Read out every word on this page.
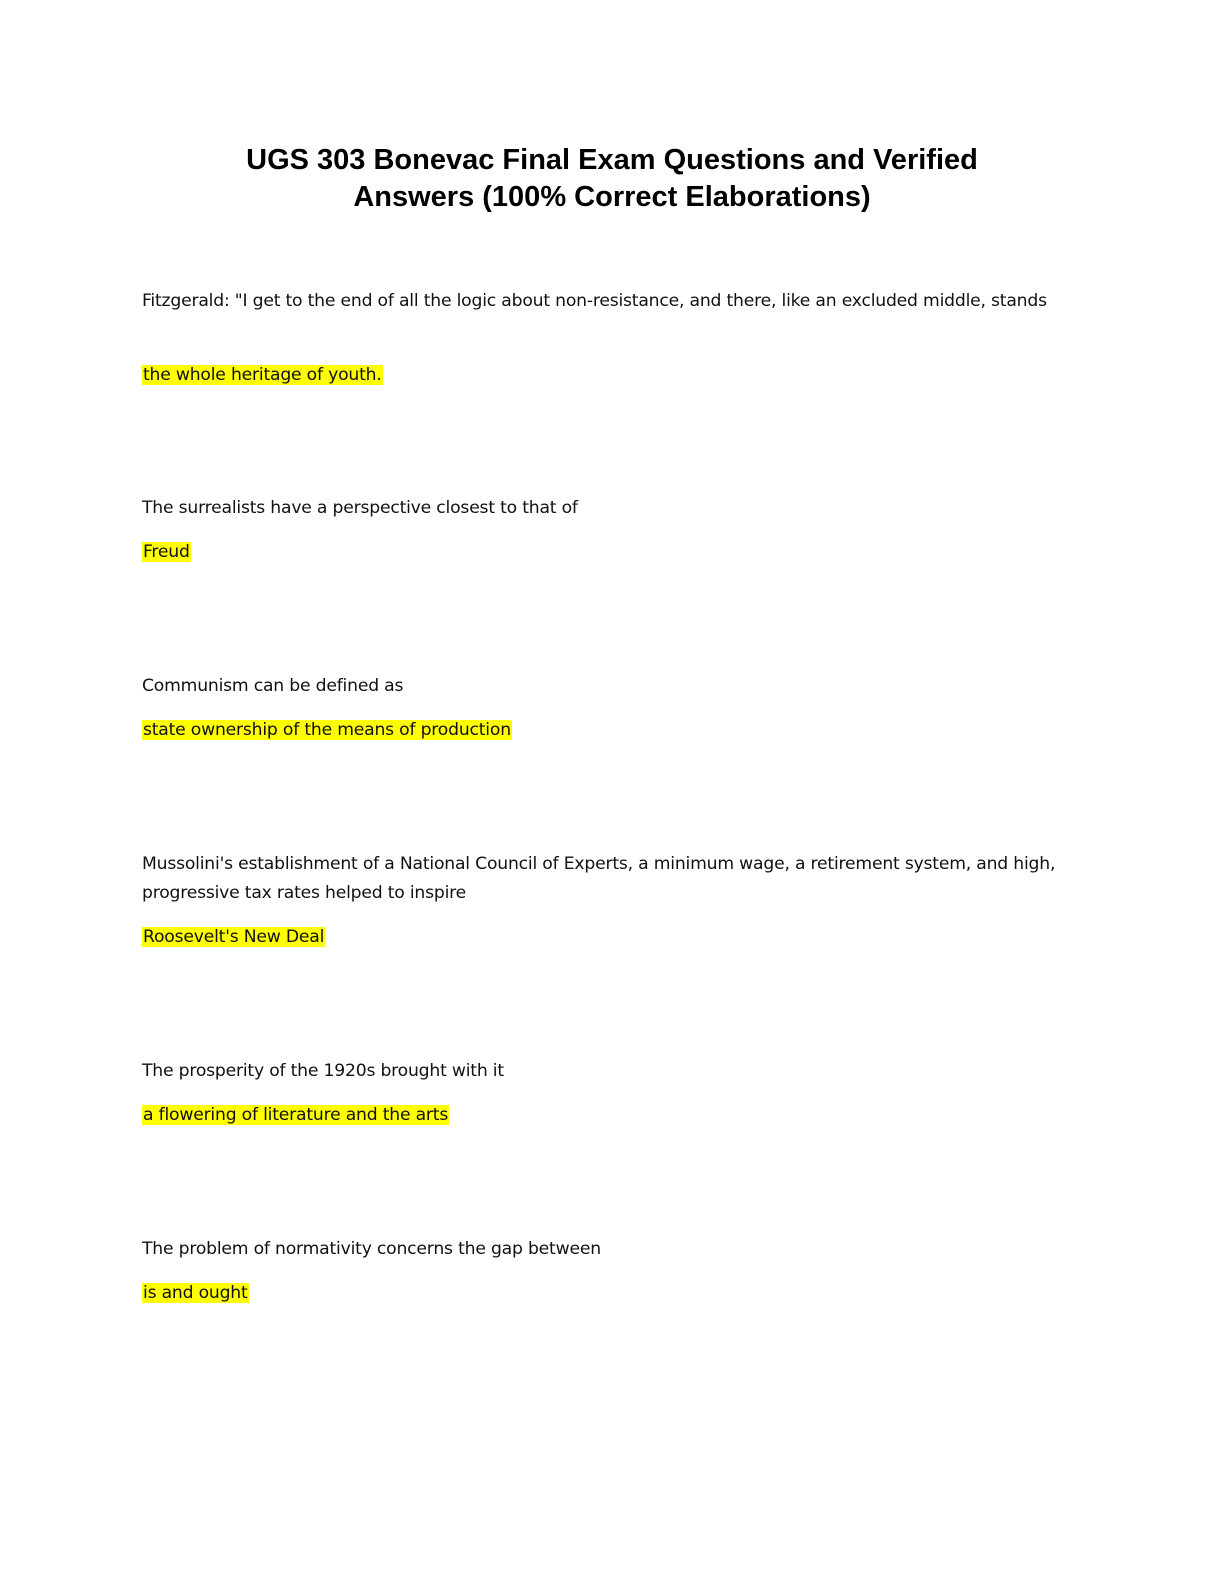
UGS 303 Bonevac Final Exam Questions and Verified
Answers (100% Correct Elaborations)

Fitzgerald: "I get to the end of all the logic about non-resistance, and there, like an excluded middle, stands

the whole heritage of youth.

The surrealists have a perspective closest to that of

Freud

Communism can be defined as

state ownership of the means of production

Mussolini's establishment of a National Council of Experts, a minimum wage, a retirement system, and high, progressive tax rates helped to inspire

Roosevelt's New Deal

The prosperity of the 1920s brought with it

a flowering of literature and the arts

The problem of normativity concerns the gap between

is and ought
